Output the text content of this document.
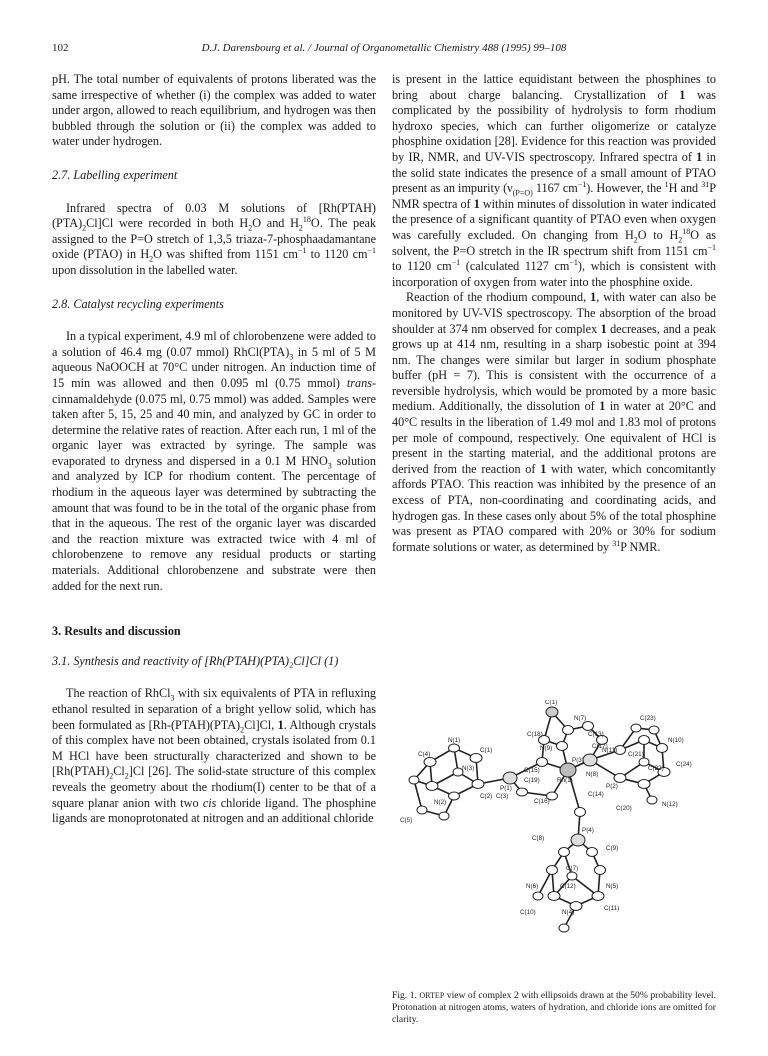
102	D.J. Darensbourg et al. / Journal of Organometallic Chemistry 488 (1995) 99–108

pH. The total number of equivalents of protons liberated was the same irrespective of whether (i) the complex was added to water under argon, allowed to reach equilibrium, and hydrogen was then bubbled through the solution or (ii) the complex was added to water under hydrogen.

2.7. Labelling experiment

Infrared spectra of 0.03 M solutions of $[Rh(PTAH)(PTA)_2Cl]Cl$ were recorded in both $H_2O$ and $H_2^{18}O$. The peak assigned to the P=O stretch of 1,3,5 triaza-7-phosphaadamantane oxide (PTAO) in $H_2O$ was shifted from 1151 $cm^{-1}$ to 1120 $cm^{-1}$ upon dissolution in the labelled water.

2.8. Catalyst recycling experiments

In a typical experiment, 4.9 ml of chlorobenzene were added to a solution of 46.4 mg (0.07 mmol) $RhCl(PTA)_3$ in 5 ml of 5 M aqueous NaOOCH at 70°C under nitrogen. An induction time of 15 min was allowed and then 0.095 ml (0.75 mmol) trans-cinnamaldehyde (0.075 ml, 0.75 mmol) was added. Samples were taken after 5, 15, 25 and 40 min, and analyzed by GC in order to determine the relative rates of reaction. After each run, 1 ml of the organic layer was extracted by syringe. The sample was evaporated to dryness and dispersed in a 0.1 M $HNO_3$ solution and analyzed by ICP for rhodium content. The percentage of rhodium in the aqueous layer was determined by subtracting the amount that was found to be in the total of the organic phase from that in the aqueous. The rest of the organic layer was discarded and the reaction mixture was extracted twice with 4 ml of chlorobenzene to remove any residual products or starting materials. Additional chlorobenzene and substrate were then added for the next run.

3. Results and discussion

3.1. Synthesis and reactivity of [Rh(PTAH)(PTA)₂Cl]Cl (1)

The reaction of RhCl$_3$ with six equivalents of PTA in refluxing ethanol resulted in separation of a bright yellow solid, which has been formulated as $[Rh-(PTAH)(PTA)_2Cl]Cl$, 1. Although crystals of this complex have not been obtained, crystals isolated from 0.1 M HCl have been structurally characterized and shown to be $[Rh(PTAH)_2Cl_2]Cl$ [26]. The solid-state structure of this complex reveals the geometry about the rhodium(I) center to be that of a square planar anion with two cis chloride ligand. The phosphine ligands are monoprotonated at nitrogen and an additional chloride

is present in the lattice equidistant between the phosphines to bring about charge balancing. Crystallization of 1 was complicated by the possibility of hydrolysis to form rhodium hydroxo species, which can further oligomerize or catalyze phosphine oxidation [28]. Evidence for this reaction was provided by IR, NMR, and UV-VIS spectroscopy. Infrared spectra of 1 in the solid state indicates the presence of a small amount of PTAO present as an impurity ($\nu_{(P=O)}$ 1167 $cm^{-1}$). However, the $^1$H and $^{31}$P NMR spectra of 1 within minutes of dissolution in water indicated the presence of a significant quantity of PTAO even when oxygen was carefully excluded. On changing from $H_2O$ to $H_2^{18}O$ as solvent, the P=O stretch in the IR spectrum shift from 1151 $cm^{-1}$ to 1120 $cm^{-1}$ (calculated 1127 $cm^{-1}$), which is consistent with incorporation of oxygen from water into the phosphine oxide.

Reaction of the rhodium compound, 1, with water can also be monitored by UV-VIS spectroscopy. The absorption of the broad shoulder at 374 nm observed for complex 1 decreases, and a peak grows up at 414 nm, resulting in a sharp isobestic point at 394 nm. The changes were similar but larger in sodium phosphate buffer (pH = 7). This is consistent with the occurrence of a reversible hydrolysis, which would be promoted by a more basic medium. Additionally, the dissolution of 1 in water at 20°C and 40°C results in the liberation of 1.49 mol and 1.83 mol of protons per mole of compound, respectively. One equivalent of HCl is present in the starting material, and the additional protons are derived from the reaction of 1 with water, which concomitantly affords PTAO. This reaction was inhibited by the presence of an excess of PTA, non-coordinating and coordinating acids, and hydrogen gas. In these cases only about 5% of the total phosphine was present as PTAO compared with 20% or 30% for sodium formate solutions or water, as determined by $^{31}$P NMR.

C(1)
N(1)
C(1)
C(4)
N(3)
C(5)
C(2)
N(2)
C(3)
P(1)
C(15)
C(16)
C(18)
N(9)
C(19)	Rh(1)
N(7)
C(13)
C(17)
N(11)
C(23)
N(10)
C(21)
C(24)
N(8)
P(3)
C(14)
P(2)
C(22)
C(20)
N(12)
P(4)
C(8)
C(7)
C(9)
N(6)	C(12)	N(5)
N(4)
C(11)
C(10)
Fig. 1. ORTEP view of complex 2 with ellipsoids drawn at the 50% probability level. Protonation at nitrogen atoms, waters of hydration, and chloride ions are omitted for clarity.
